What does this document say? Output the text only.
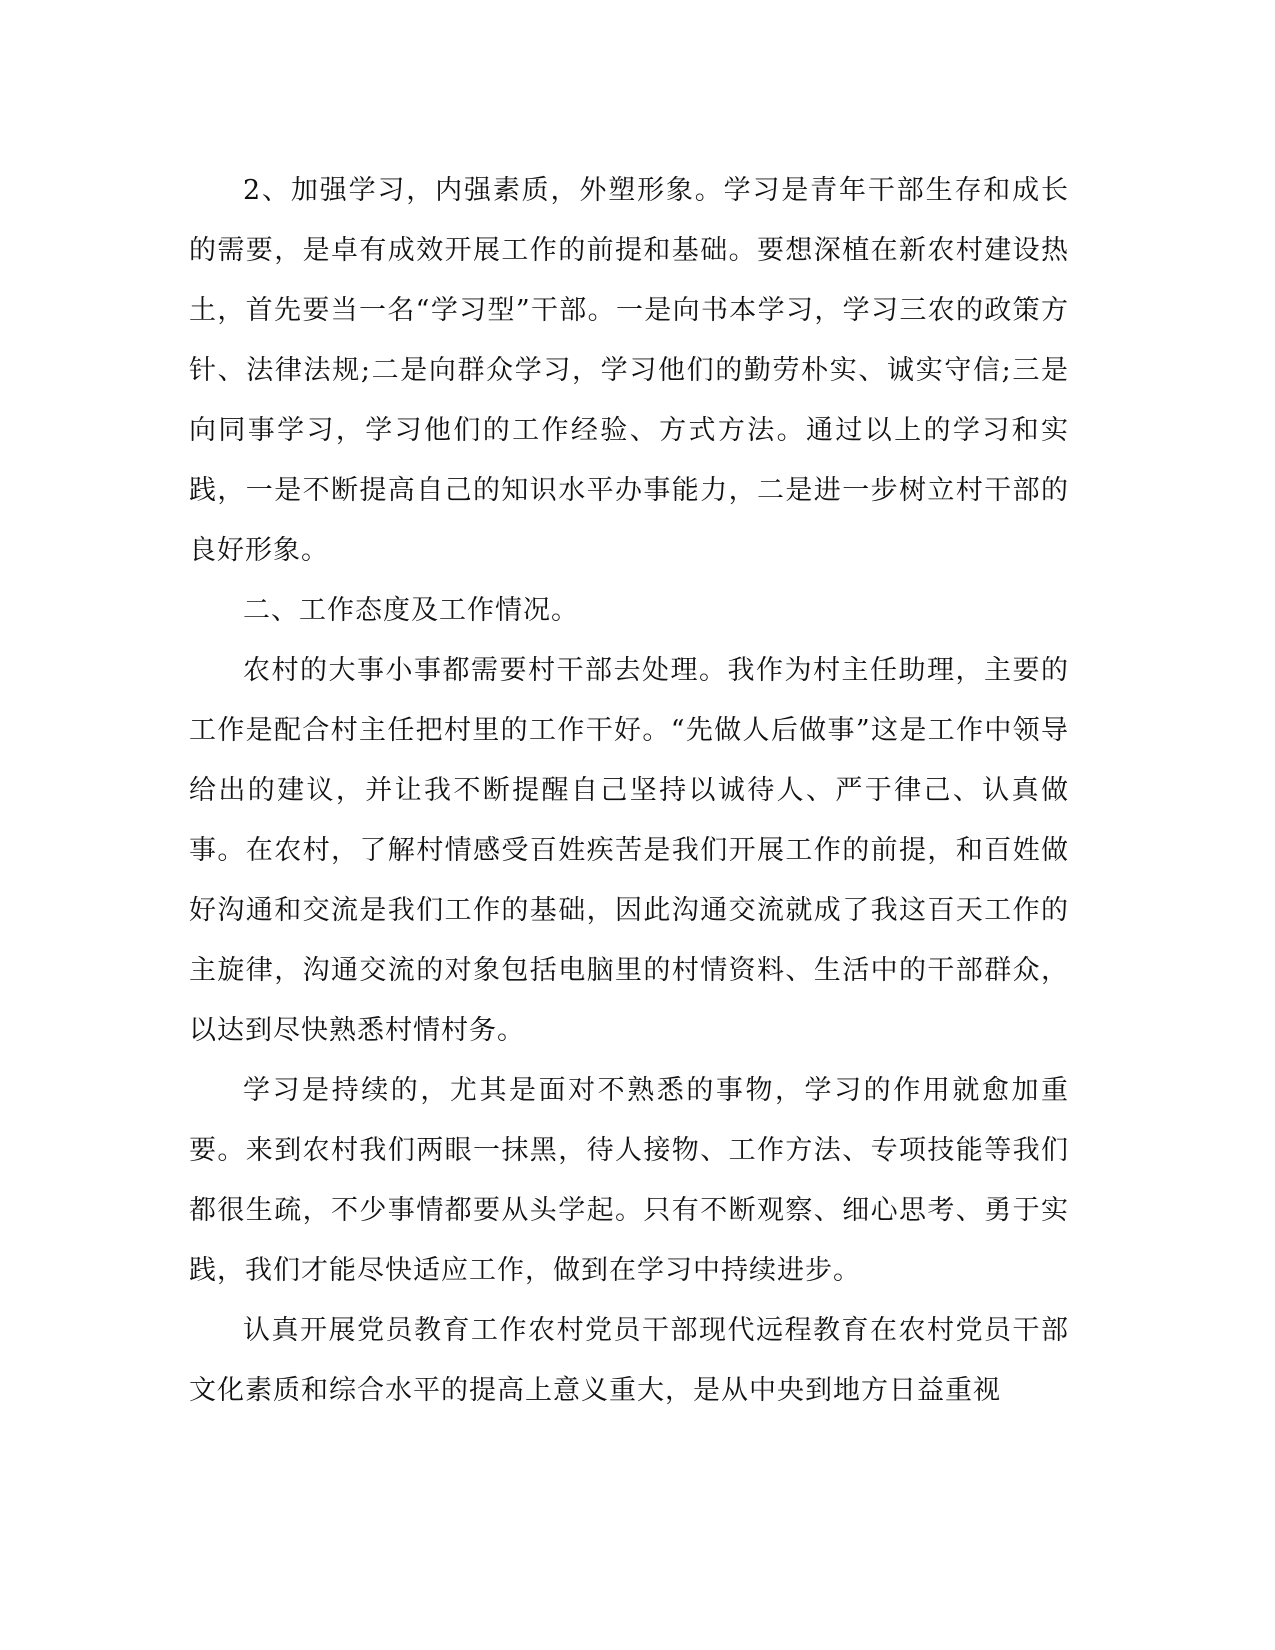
2、加强学习，内强素质，外塑形象。学习是青年干部生存和成长的需要，是卓有成效开展工作的前提和基础。要想深植在新农村建设热土，首先要当一名“学习型”干部。一是向书本学习，学习三农的政策方针、法律法规;二是向群众学习，学习他们的勤劳朴实、诚实守信;三是向同事学习，学习他们的工作经验、方式方法。通过以上的学习和实践，一是不断提高自己的知识水平办事能力，二是进一步树立村干部的良好形象。

二、工作态度及工作情况。

农村的大事小事都需要村干部去处理。我作为村主任助理，主要的工作是配合村主任把村里的工作干好。“先做人后做事”这是工作中领导给出的建议，并让我不断提醒自己坚持以诚待人、严于律己、认真做事。在农村，了解村情感受百姓疾苦是我们开展工作的前提，和百姓做好沟通和交流是我们工作的基础，因此沟通交流就成了我这百天工作的主旋律，沟通交流的对象包括电脑里的村情资料、生活中的干部群众，以达到尽快熟悉村情村务。

学习是持续的，尤其是面对不熟悉的事物，学习的作用就愈加重要。来到农村我们两眼一抹黑，待人接物、工作方法、专项技能等我们都很生疏，不少事情都要从头学起。只有不断观察、细心思考、勇于实践，我们才能尽快适应工作，做到在学习中持续进步。

认真开展党员教育工作农村党员干部现代远程教育在农村党员干部文化素质和综合水平的提高上意义重大，是从中央到地方日益重视
